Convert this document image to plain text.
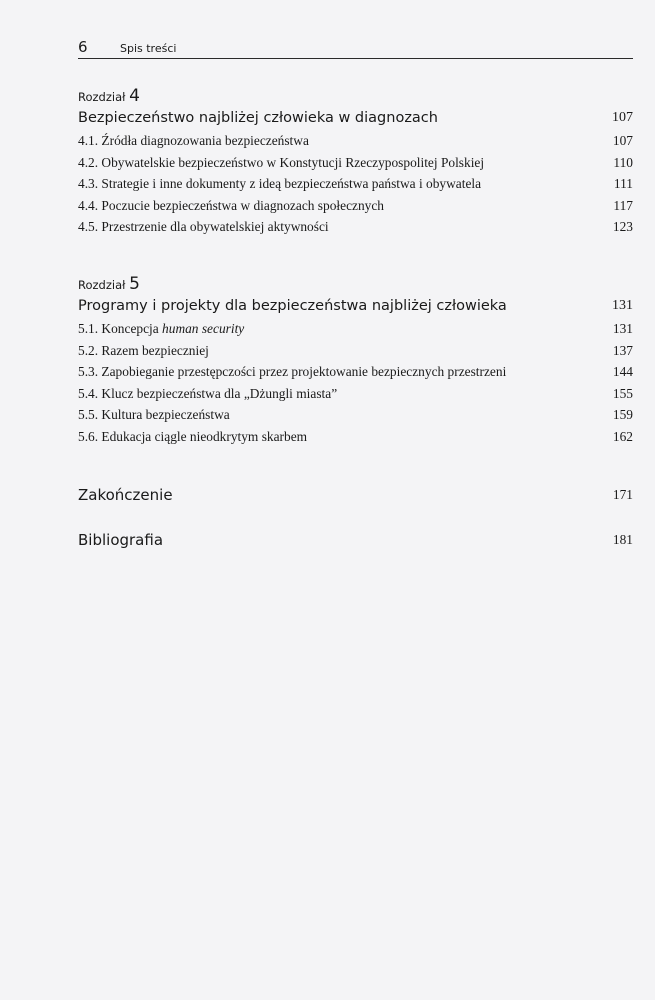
6	Spis treści
Rozdział 4
Bezpieczeństwo najbliżej człowieka w diagnozach	107
4.1. Źródła diagnozowania bezpieczeństwa	107
4.2. Obywatelskie bezpieczeństwo w Konstytucji Rzeczypospolitej Polskiej	110
4.3. Strategie i inne dokumenty z ideą bezpieczeństwa państwa i obywatela	111
4.4. Poczucie bezpieczeństwa w diagnozach społecznych	117
4.5. Przestrzenie dla obywatelskiej aktywności	123
Rozdział 5
Programy i projekty dla bezpieczeństwa najbliżej człowieka	131
5.1. Koncepcja human security	131
5.2. Razem bezpieczniej	137
5.3. Zapobieganie przestępczości przez projektowanie bezpiecznych przestrzeni	144
5.4. Klucz bezpieczeństwa dla „Dżungli miasta”	155
5.5. Kultura bezpieczeństwa	159
5.6. Edukacja ciągle nieodkrytym skarbem	162
Zakończenie	171
Bibliografia	181
